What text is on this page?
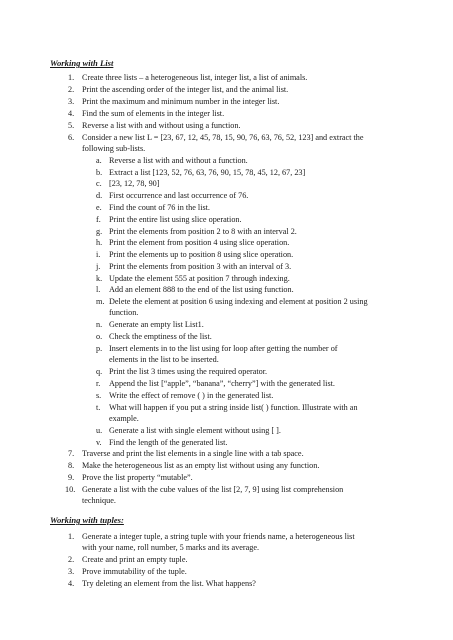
Working with List
1. Create three lists – a heterogeneous list, integer list, a list of animals.
2. Print the ascending order of the integer list, and the animal list.
3. Print the maximum and minimum number in the integer list.
4. Find the sum of elements in the integer list.
5. Reverse a list with and without using a function.
6. Consider a new list L = [23, 67, 12, 45, 78, 15, 90, 76, 63, 76, 52, 123] and extract the
following sub-lists.
a. Reverse a list with and without a function.
b. Extract a list [123, 52, 76, 63, 76, 90, 15, 78, 45, 12, 67, 23]
c. [23, 12, 78, 90]
d. First occurrence and last occurrence of 76.
e. Find the count of 76 in the list.
f. Print the entire list using slice operation.
g. Print the elements from position 2 to 8 with an interval 2.
h. Print the element from position 4 using slice operation.
i. Print the elements up to position 8 using slice operation.
j. Print the elements from position 3 with an interval of 3.
k. Update the element 555 at position 7 through indexing.
l. Add an element 888 to the end of the list using function.
m. Delete the element at position 6 using indexing and element at position 2 using
function.
n. Generate an empty list List1.
o. Check the emptiness of the list.
p. Insert elements in to the list using for loop after getting the number of
elements in the list to be inserted.
q. Print the list 3 times using the required operator.
r. Append the list [“apple”, “banana”, “cherry”] with the generated list.
s. Write the effect of remove ( ) in the generated list.
t. What will happen if you put a string inside list( ) function. Illustrate with an
example.
u. Generate a list with single element without using [ ].
v. Find the length of the generated list.
7. Traverse and print the list elements in a single line with a tab space.
8. Make the heterogeneous list as an empty list without using any function.
9. Prove the list property “mutable”.
10. Generate a list with the cube values of the list [2, 7, 9] using list comprehension
technique.
Working with tuples:
1. Generate a integer tuple, a string tuple with your friends name, a heterogeneous list
with your name, roll number, 5 marks and its average.
2. Create and print an empty tuple.
3. Prove immutability of the tuple.
4. Try deleting an element from the list. What happens?
